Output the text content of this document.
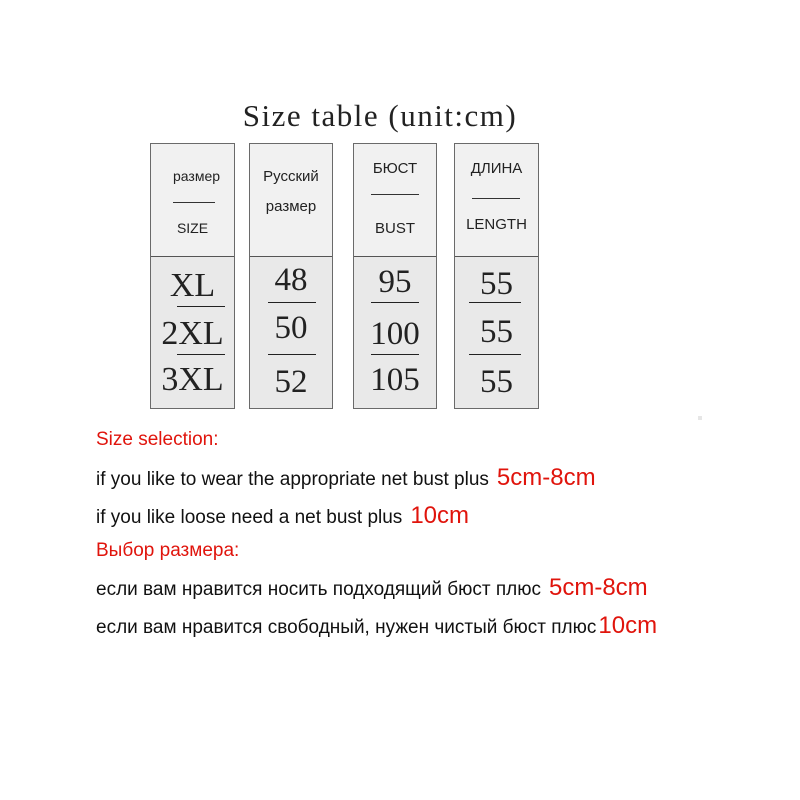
Size table (unit:cm)
размер
SIZE
XL
2XL
3XL
Русский
размер
48
50
52
БЮСТ
BUST
95
100
105
ДЛИНА
LENGTH
55
55
55
Size selection:
if you like to wear the appropriate net bust plus 5cm-8cm
if you like loose need a net bust plus 10cm
Выбор размера:
если вам нравится носить подходящий бюст плюс 5cm-8cm
если вам нравится свободный, нужен чистый бюст плюс10cm
